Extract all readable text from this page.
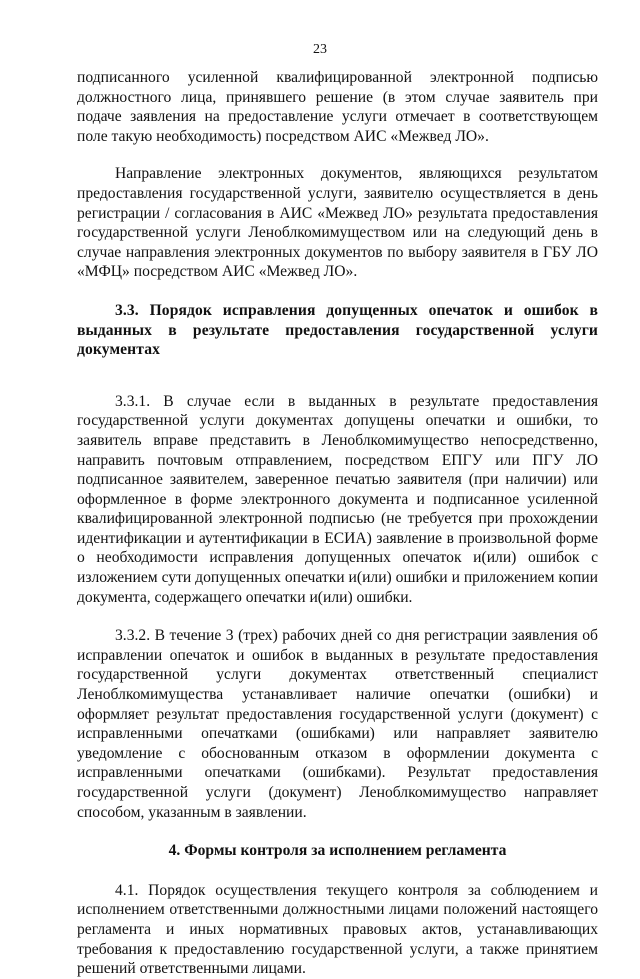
23

подписанного усиленной квалифицированной электронной подписью должностного лица, принявшего решение (в этом случае заявитель при подаче заявления на предоставление услуги отмечает в соответствующем поле такую необходимость) посредством АИС «Межвед ЛО».

Направление электронных документов, являющихся результатом предоставления государственной услуги, заявителю осуществляется в день регистрации / согласования в АИС «Межвед ЛО» результата предоставления государственной услуги Леноблкомимуществом или на следующий день в случае направления электронных документов по выбору заявителя в ГБУ ЛО «МФЦ» посредством АИС «Межвед ЛО».

3.3. Порядок исправления допущенных опечаток и ошибок в выданных в результате предоставления государственной услуги документах

3.3.1. В случае если в выданных в результате предоставления государственной услуги документах допущены опечатки и ошибки, то заявитель вправе представить в Леноблкомимущество непосредственно, направить почтовым отправлением, посредством ЕПГУ или ПГУ ЛО подписанное заявителем, заверенное печатью заявителя (при наличии) или оформленное в форме электронного документа и подписанное усиленной квалифицированной электронной подписью (не требуется при прохождении идентификации и аутентификации в ЕСИА) заявление в произвольной форме о необходимости исправления допущенных опечаток и(или) ошибок с изложением сути допущенных опечатки и(или) ошибки и приложением копии документа, содержащего опечатки и(или) ошибки.

3.3.2. В течение 3 (трех) рабочих дней со дня регистрации заявления об исправлении опечаток и ошибок в выданных в результате предоставления государственной услуги документах ответственный специалист Леноблкомимущества устанавливает наличие опечатки (ошибки) и оформляет результат предоставления государственной услуги (документ) с исправленными опечатками (ошибками) или направляет заявителю уведомление с обоснованным отказом в оформлении документа с исправленными опечатками (ошибками). Результат предоставления государственной услуги (документ) Леноблкомимущество направляет способом, указанным в заявлении.

4. Формы контроля за исполнением регламента

4.1. Порядок осуществления текущего контроля за соблюдением и исполнением ответственными должностными лицами положений настоящего регламента и иных нормативных правовых актов, устанавливающих требования к предоставлению государственной услуги, а также принятием решений ответственными лицами.
